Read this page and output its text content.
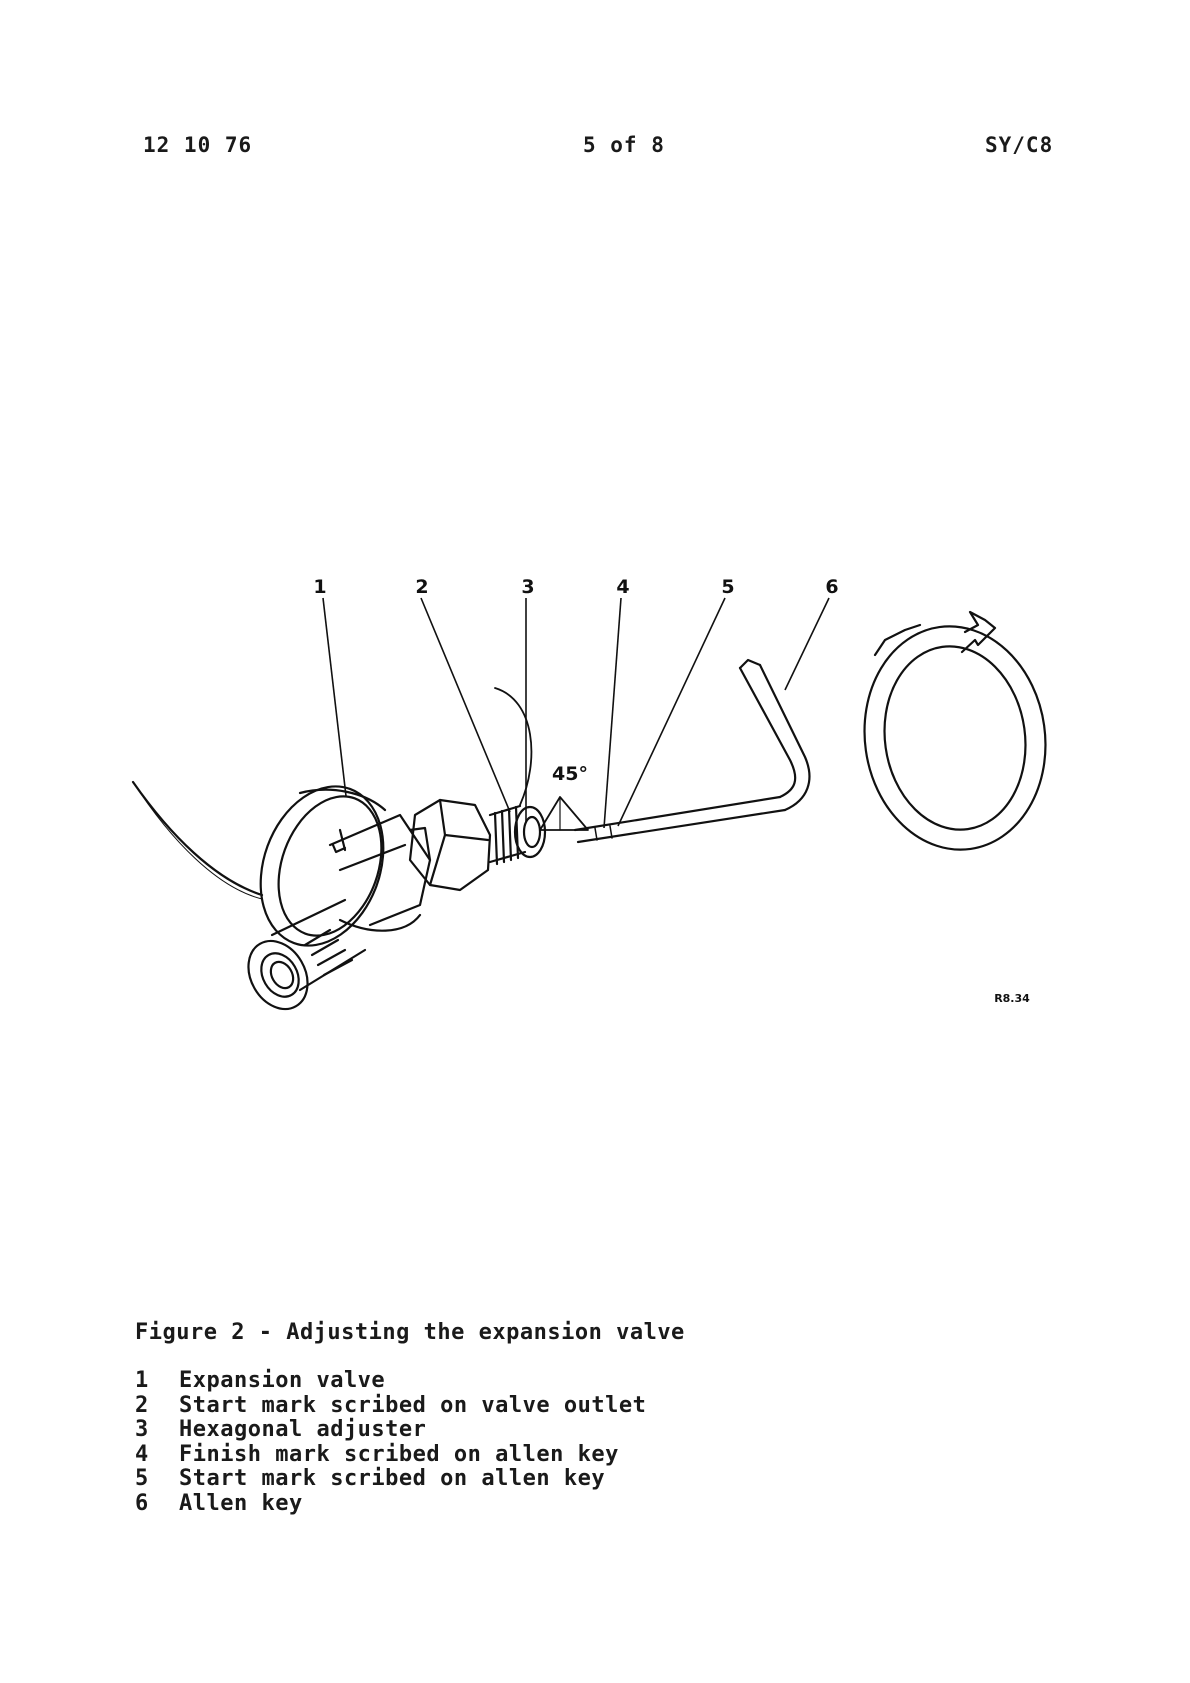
12 10 76	5 of 8	SY/C8
1	2	3	4	5	6
45°
R8.34
Figure 2 - Adjusting the expansion valve
1	Expansion valve
2	Start mark scribed on valve outlet
3	Hexagonal adjuster
4	Finish mark scribed on allen key
5	Start mark scribed on allen key
6	Allen key
